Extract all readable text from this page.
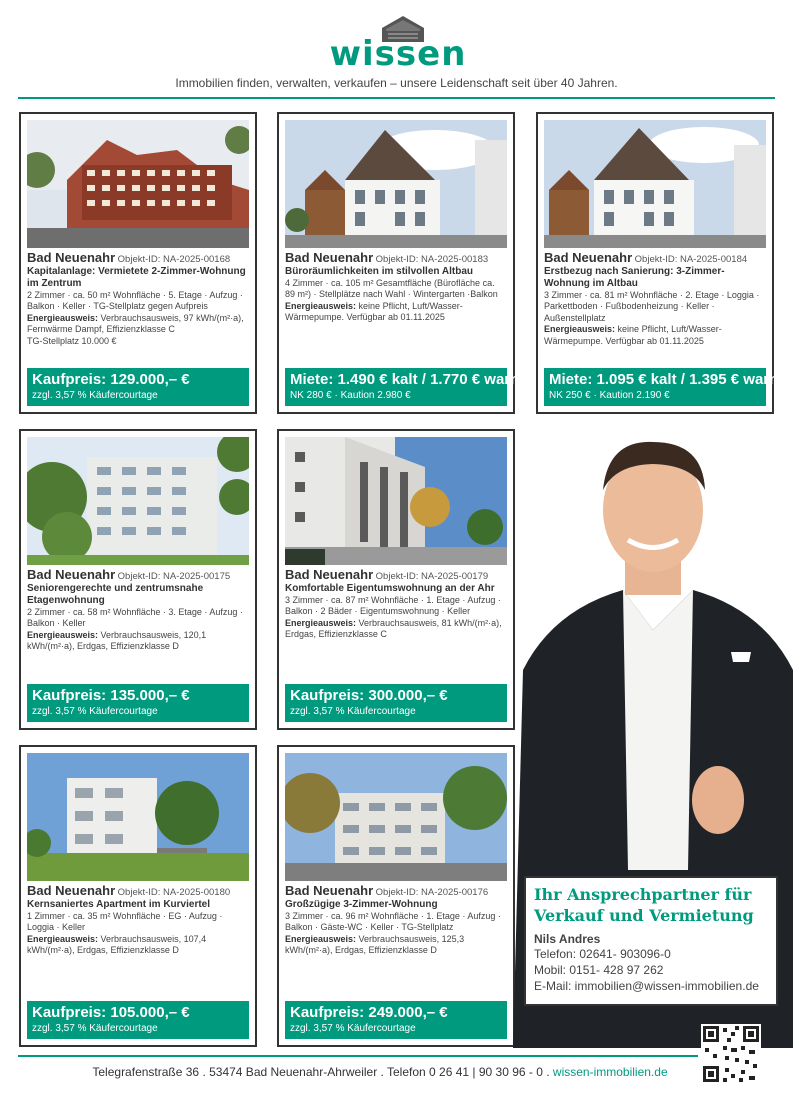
wissen
Immobilien finden, verwalten, verkaufen – unsere Leidenschaft seit über 40 Jahren.
Bad Neuenahr Objekt-ID: NA-2025-00168
Kapitalanlage: Vermietete 2-Zimmer-Wohnung im Zentrum
2 Zimmer · ca. 50 m² Wohnfläche · 5. Etage · Aufzug · Balkon · Keller · TG-Stellplatz gegen Aufpreis
Energieausweis: Verbrauchsausweis, 97 kWh/(m²·a), Fernwärme Dampf, Effizienzklasse C
TG-Stellplatz 10.000 €
Kaufpreis: 129.000,– €
zzgl. 3,57 % Käufercourtage
Bad Neuenahr Objekt-ID: NA-2025-00183
Büroräumlichkeiten im stilvollen Altbau
4 Zimmer · ca. 105 m² Gesamtfläche (Bürofläche ca. 89 m²) · Stellplätze nach Wahl · Wintergarten ·Balkon
Energieausweis: keine Pflicht, Luft/Wasser-Wärmepumpe. Verfügbar ab 01.11.2025
Miete: 1.490 € kalt / 1.770 € warm
NK 280 € · Kaution 2.980 €
Bad Neuenahr Objekt-ID: NA-2025-00184
Erstbezug nach Sanierung: 3-Zimmer-Wohnung im Altbau
3 Zimmer · ca. 81 m² Wohnfläche · 2. Etage · Loggia · Parkettboden · Fußbodenheizung · Keller · Außenstellplatz
Energieausweis: keine Pflicht, Luft/Wasser-Wärmepumpe. Verfügbar ab 01.11.2025
Miete: 1.095 € kalt / 1.395 € warm
NK 250 € · Kaution 2.190 €
Bad Neuenahr Objekt-ID: NA-2025-00175
Seniorengerechte und zentrumsnahe Etagenwohnung
2 Zimmer · ca. 58 m² Wohnfläche · 3. Etage · Aufzug · Balkon · Keller
Energieausweis: Verbrauchsausweis, 120,1 kWh/(m²·a), Erdgas, Effizienzklasse D
Kaufpreis: 135.000,– €
zzgl. 3,57 % Käufercourtage
Bad Neuenahr Objekt-ID: NA-2025-00179
Komfortable Eigentumswohnung an der Ahr
3 Zimmer · ca. 87 m² Wohnfläche · 1. Etage · Aufzug · Balkon · 2 Bäder · Eigentumswohnung · Keller
Energieausweis: Verbrauchsausweis, 81 kWh/(m²·a), Erdgas, Effizienzklasse C
Kaufpreis: 300.000,– €
zzgl. 3,57 % Käufercourtage
Bad Neuenahr Objekt-ID: NA-2025-00180
Kernsaniertes Apartment im Kurviertel
1 Zimmer · ca. 35 m² Wohnfläche · EG · Aufzug · Loggia · Keller
Energieausweis: Verbrauchsausweis, 107,4 kWh/(m²·a), Erdgas, Effizienzklasse D
Kaufpreis: 105.000,– €
zzgl. 3,57 % Käufercourtage
Bad Neuenahr Objekt-ID: NA-2025-00176
Großzügige 3-Zimmer-Wohnung
3 Zimmer · ca. 96 m² Wohnfläche · 1. Etage · Aufzug · Balkon · Gäste-WC · Keller · TG-Stellplatz
Energieausweis: Verbrauchsausweis, 125,3 kWh/(m²·a), Erdgas, Effizienzklasse D
Kaufpreis: 249.000,– €
zzgl. 3,57 % Käufercourtage
Ihr Ansprechpartner für
Verkauf und Vermietung
Nils Andres
Telefon: 02641- 903096-0
Mobil: 0151- 428 97 262
E-Mail: immobilien@wissen-immobilien.de
Telegrafenstraße 36 . 53474 Bad Neuenahr-Ahrweiler . Telefon 0 26 41 | 90 30 96 - 0 . wissen-immobilien.de
